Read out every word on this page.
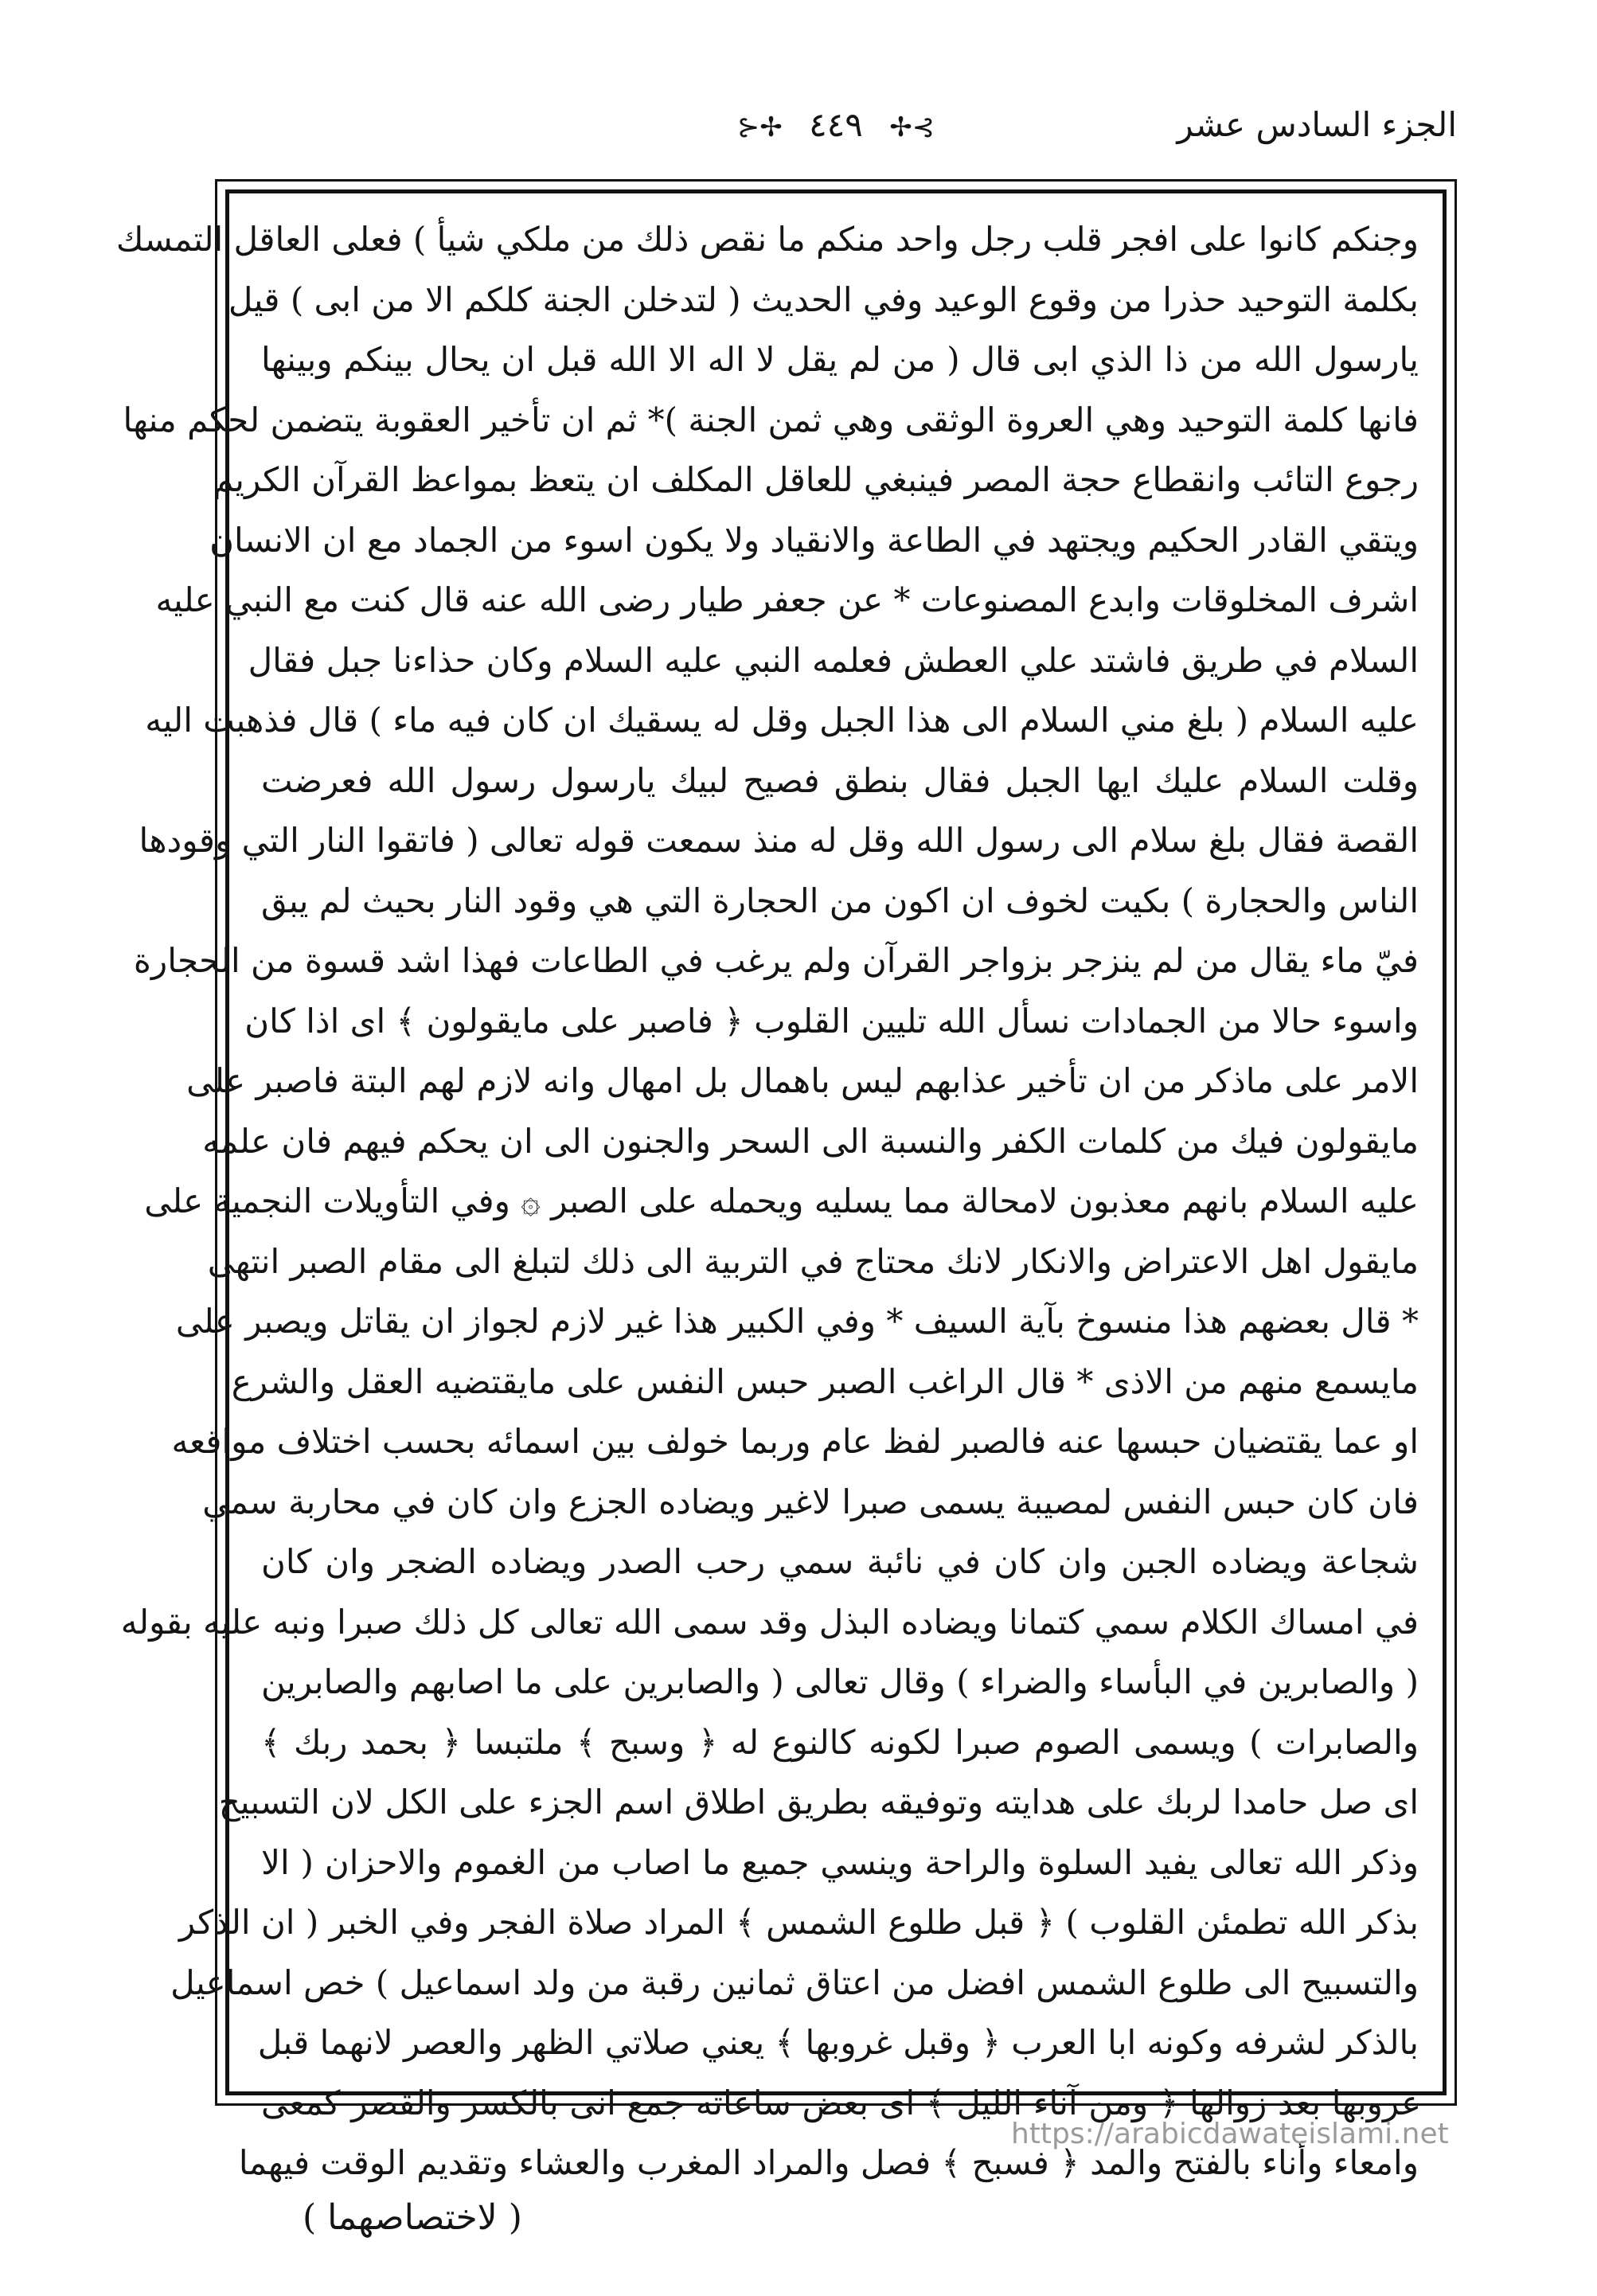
الجزء السادس عشر
⊱✢ ٤٤٩ ✢⊰
وجنكم كانوا على افجر قلب رجل واحد منكم ما نقص ذلك من ملكي شيأ ) فعلى العاقل التمسك
بكلمة التوحيد حذرا من وقوع الوعيد وفي الحديث ( لتدخلن الجنة كلكم الا من ابى ) قيل
يارسول الله من ذا الذي ابى قال ( من لم يقل لا اله الا الله قبل ان يحال بينكم وبينها
فانها كلمة التوحيد وهي العروة الوثقى وهي ثمن الجنة )* ثم ان تأخير العقوبة يتضمن لحكم منها
رجوع التائب وانقطاع حجة المصر فينبغي للعاقل المكلف ان يتعظ بمواعظ القرآن الكريم
ويتقي القادر الحكيم ويجتهد في الطاعة والانقياد ولا يكون اسوء من الجماد مع ان الانسان
اشرف المخلوقات وابدع المصنوعات * عن جعفر طيار رضى الله عنه قال كنت مع النبي عليه
السلام في طريق فاشتد علي العطش فعلمه النبي عليه السلام وكان حذاءنا جبل فقال
عليه السلام ( بلغ مني السلام الى هذا الجبل وقل له يسقيك ان كان فيه ماء ) قال فذهبت اليه
وقلت السلام عليك ايها الجبل فقال بنطق فصيح لبيك يارسول رسول الله فعرضت
القصة فقال بلغ سلام الى رسول الله وقل له منذ سمعت قوله تعالى ( فاتقوا النار التي وقودها
الناس والحجارة ) بكيت لخوف ان اكون من الحجارة التي هي وقود النار بحيث لم يبق
فيّ ماء يقال من لم ينزجر بزواجر القرآن ولم يرغب في الطاعات فهذا اشد قسوة من الحجارة
واسوء حالا من الجمادات نسأل الله تليين القلوب ﴿ فاصبر على مايقولون ﴾ اى اذا كان
الامر على ماذكر من ان تأخير عذابهم ليس باهمال بل امهال وانه لازم لهم البتة فاصبر على
مايقولون فيك من كلمات الكفر والنسبة الى السحر والجنون الى ان يحكم فيهم فان علمه
عليه السلام بانهم معذبون لامحالة مما يسليه ويحمله على الصبر ۞ وفي التأويلات النجمية على
مايقول اهل الاعتراض والانكار لانك محتاج في التربية الى ذلك لتبلغ الى مقام الصبر انتهى
* قال بعضهم هذا منسوخ بآية السيف * وفي الكبير هذا غير لازم لجواز ان يقاتل ويصبر على
مايسمع منهم من الاذى * قال الراغب الصبر حبس النفس على مايقتضيه العقل والشرع
او عما يقتضيان حبسها عنه فالصبر لفظ عام وربما خولف بين اسمائه بحسب اختلاف مواقعه
فان كان حبس النفس لمصيبة يسمى صبرا لاغير ويضاده الجزع وان كان في محاربة سمي
شجاعة ويضاده الجبن وان كان في نائبة سمي رحب الصدر ويضاده الضجر وان كان
في امساك الكلام سمي كتمانا ويضاده البذل وقد سمى الله تعالى كل ذلك صبرا ونبه عليه بقوله
( والصابرين في البأساء والضراء ) وقال تعالى ( والصابرين على ما اصابهم والصابرين
والصابرات ) ويسمى الصوم صبرا لكونه كالنوع له ﴿ وسبح ﴾ ملتبسا ﴿ بحمد ربك ﴾
اى صل حامدا لربك على هدايته وتوفيقه بطريق اطلاق اسم الجزء على الكل لان التسبيح
وذكر الله تعالى يفيد السلوة والراحة وينسي جميع ما اصاب من الغموم والاحزان ( الا
بذكر الله تطمئن القلوب ) ﴿ قبل طلوع الشمس ﴾ المراد صلاة الفجر وفي الخبر ( ان الذكر
والتسبيح الى طلوع الشمس افضل من اعتاق ثمانين رقبة من ولد اسماعيل ) خص اسماعيل
بالذكر لشرفه وكونه ابا العرب ﴿ وقبل غروبها ﴾ يعني صلاتي الظهر والعصر لانهما قبل
غروبها بعد زوالها ﴿ ومن آناء الليل ﴾ اى بعض ساعاته جمع انى بالكسر والقصر كمعى
وامعاء وأناء بالفتح والمد ﴿ فسبح ﴾ فصل والمراد المغرب والعشاء وتقديم الوقت فيهما
https://arabicdawateislami.net
( لاختصاصهما )
